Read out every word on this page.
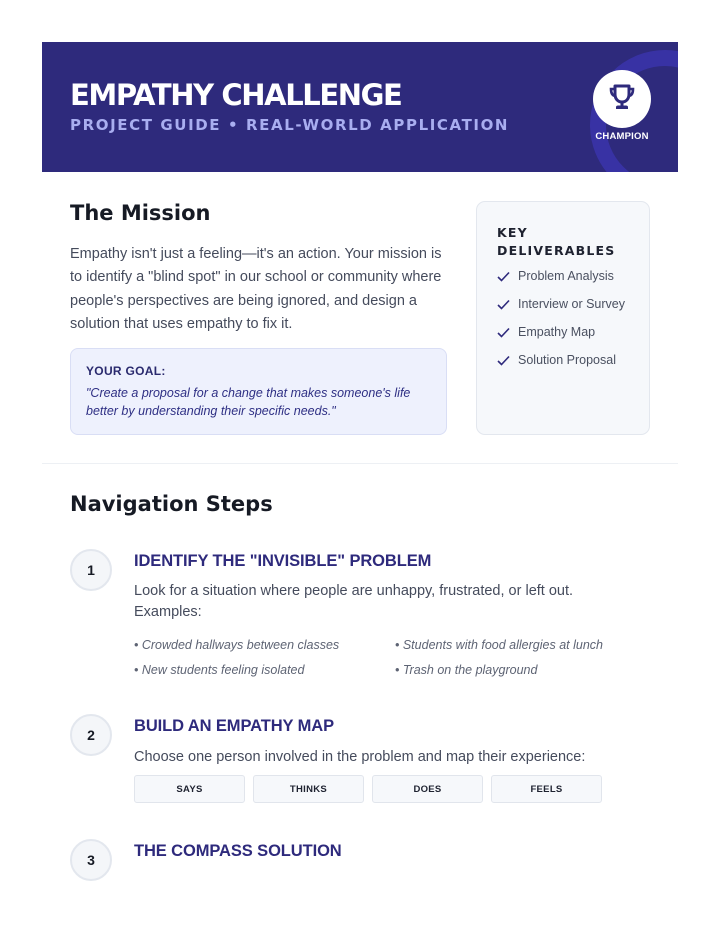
EMPATHY CHALLENGE
PROJECT GUIDE • REAL-WORLD APPLICATION
CHAMPION
The Mission

Empathy isn't just a feeling—it's an action. Your mission is to identify a "blind spot" in our school or community where people's perspectives are being ignored, and design a solution that uses empathy to fix it.

YOUR GOAL:
"Create a proposal for a change that makes someone's life better by understanding their specific needs."
KEY DELIVERABLES
Problem Analysis
Interview or Survey
Empathy Map
Solution Proposal
Navigation Steps
1	IDENTIFY THE "INVISIBLE" PROBLEM
Look for a situation where people are unhappy, frustrated, or left out. Examples:
• Crowded hallways between classes	• Students with food allergies at lunch
• New students feeling isolated	• Trash on the playground
2	BUILD AN EMPATHY MAP
Choose one person involved in the problem and map their experience:
SAYS	THINKS	DOES	FEELS
3	THE COMPASS SOLUTION
